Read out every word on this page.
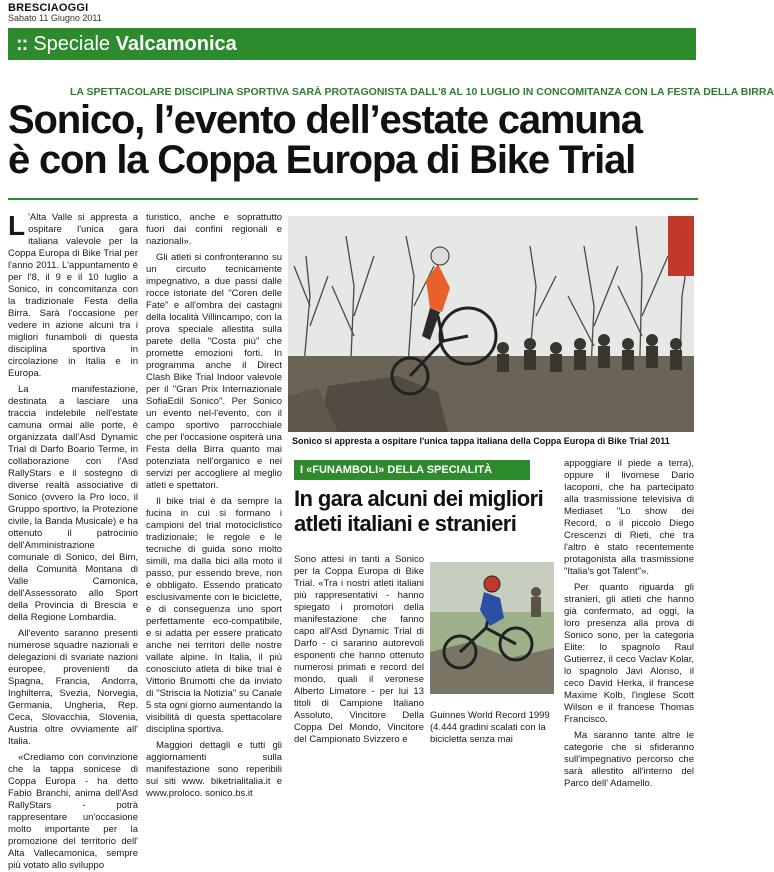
BRESCIAOGGI
Sabato 11 Giugno 2011
:: Speciale Valcamonica
LA SPETTACOLARE DISCIPLINA SPORTIVA SARÀ PROTAGONISTA DALL'8 AL 10 LUGLIO IN CONCOMITANZA CON LA FESTA DELLA BIRRA
Sonico, l’evento dell’estate camuna
è con la Coppa Europa di Bike Trial

L 'Alta Valle si appresta a ospitare l'unica gara italiana valevole per la Coppa Europa di Bike Trial per l'anno 2011. L'appuntamento è per l'8, il 9 e il 10 luglio a Sonico, in concomitanza con la tradizionale Festa della Birra. Sarà l'occasione per vedere in azione alcuni tra i migliori funamboli di questa disciplina sportiva in circolazione in Italia e in Europa.

La manifestazione, destinata a lasciare una traccia indelebile nell'estate camuna ormai alle porte, è organizzata dall'Asd Dynamic Trial di Darfo Boario Terme, in collaborazione con l'Asd RallyStars e il sostegno di diverse realtà associative di Sonico (ovvero la Pro loco, il Gruppo sportivo, la Protezione civile, la Banda Musicale) e ha ottenuto il patrocinio dell'Amministrazione comunale di Sonico, del Bim, della Comunità Montana di Valle Camonica, dell'Assessorato allo Sport della Provincia di Brescia e della Regione Lombardia.

All'evento saranno presenti numerose squadre nazionali e delegazioni di svariate nazioni europee, provenienti da Spagna, Francia, Andorra, Inghilterra, Svezia, Norvegia, Germania, Ungheria, Rep. Ceca, Slovacchia, Slovenia, Austria oltre ovviamente all' Italia.

«Crediamo con convinzione che la tappa sonicese di Coppa Europa - ha detto Fabio Branchi, anima dell'Asd RallyStars - potrà rappresentare un'occasione molto importante per la promozione del territorio dell' Alta Vallecamonica, sempre più votato allo sviluppo

turistico, anche e soprattutto fuori dai confini regionali e nazionali».

Gli atleti si confronteranno su un circuito tecnicamente impegnativo, a due passi dalle rocce istoriate del "Coren delle Fate" e all'ombra dei castagni della località Villincampo, con la prova speciale allestita sulla parete della "Costa più" che promette emozioni forti. In programma anche il Direct Clash Bike Trial Indoor valevole per il "Gran Prix Internazionale SofiaEdil Sonico". Per Sonico un evento nel-l'evento, con il campo sportivo parrocchiale che per l'occasione ospiterà una Festa della Birra quanto mai potenziata nell'organico e nei servizi per accogliere al meglio atleti e spettatori.

Il bike trial è da sempre la fucina in cui si formano i campioni del trial motociclistico tradizionale; le regole e le tecniche di guida sono molto simili, ma dalla bici alla moto il passo, pur essendo breve, non è obbligato. Essendo praticato esclusivamente con le biciclette, è di conseguenza uno sport perfettamente eco-compatibile, e si adatta per essere praticato anche nei territori delle nostre vallate alpine. In Italia, il più conosciuto atleta di bike trial è Vittorio Brumotti che da inviato di "Striscia la Notizia" su Canale 5 sta ogni giorno aumentando la visibilità di questa spettacolare disciplina sportiva.

Maggiori dettagli e tutti gli aggiornamenti sulla manifestazione sono reperibili sui siti www. biketrialitalia.it e www.proloco. sonico.bs.it

Sonico si appresta a ospitare l'unica tappa italiana della Coppa Europa di Bike Trial 2011
I «FUNAMBOLI» DELLA SPECIALITÀ
In gara alcuni dei migliori
atleti italiani e stranieri

Sono attesi in tanti a Sonico per la Coppa Europa di Bike Trial. «Tra i nostri atleti italiani più rappresentativi - hanno spiegato i promotori della manifestazione che fanno capo all'Asd Dynamic Trial di Darfo - ci saranno autorevoli esponenti che hanno ottenuto numerosi primati e record del mondo, quali il veronese Alberto Limatore - per lui 13 titoli di Campione Italiano Assoluto, Vincitore Della Coppa Del Mondo, Vincitore del Campionato Svizzero e

Guinnes World Record 1999 (4.444 gradini scalati con la bicicletta senza mai

appoggiare il piede a terra), oppure il livornese Dario Iacoponi, che ha partecipato alla trasmissione televisiva di Mediaset "Lo show dei Record, o il piccolo Diego Crescenzi di Rieti, che tra l'altro è stato recentemente protagonista alla trasmissione "Italia's got Talent"».

Per quanto riguarda gli stranieri, gli atleti che hanno già confermato, ad oggi, la loro presenza alla prova di Sonico sono, per la categoria Elite: lo spagnolo Raul Gutierrez, il ceco Vaclav Kolar, lo spagnolo Javi Alonso, il ceco David Herka, il francese Maxime Kolb, l'inglese Scott Wilson e il francese Thomas Francisco.

Ma saranno tante altre le categorie che si sfideranno sull'impegnativo percorso che sarà allestito all'interno del Parco dell' Adamello.
